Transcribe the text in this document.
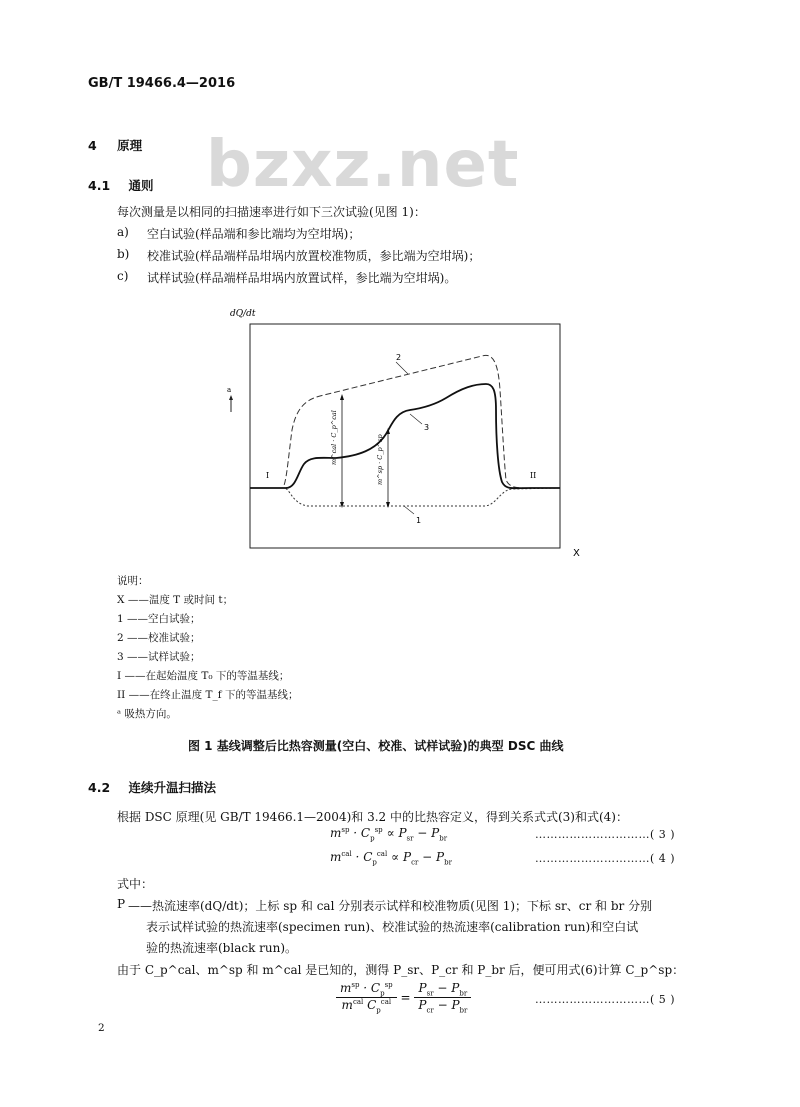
GB/T 19466.4—2016
bzxz.net
4 原理
4.1 通则
每次测量是以相同的扫描速率进行如下三次试验(见图 1)：
a) 空白试验(样品端和参比端均为空坩埚)；
b) 校准试验(样品端样品坩埚内放置校准物质，参比端为空坩埚)；
c) 试样试验(样品端样品坩埚内放置试样，参比端为空坩埚)。
dQ/dt
X
a
m^cal · C_p^cal	m^sp · C_p^sp
2
3
1
I	II
说明：
X ——温度 T 或时间 t；
1 ——空白试验；
2 ——校准试验；
3 ——试样试验；
I ——在起始温度 T₀ 下的等温基线；
II ——在终止温度 T_f 下的等温基线；
ᵃ 吸热方向。
图 1 基线调整后比热容测量(空白、校准、试样试验)的典型 DSC 曲线
4.2 连续升温扫描法
根据 DSC 原理(见 GB/T 19466.1—2004)和 3.2 中的比热容定义，得到关系式式(3)和式(4)：
$m^{sp} \cdot C_p^{sp} \propto P_{sr} - P_{br}$	…………………………( 3 )
$m^{cal} \cdot C_p^{cal} \propto P_{cr} - P_{br}$	…………………………( 4 )
式中：
P ——热流速率(dQ/dt)；上标 sp 和 cal 分别表示试样和校准物质(见图 1)；下标 sr、cr 和 br 分别
表示试样试验的热流速率(specimen run)、校准试验的热流速率(calibration run)和空白试
验的热流速率(black run)。
由于 C_p^cal、m^sp 和 m^cal 是已知的，测得 P_sr、P_cr 和 P_br 后，便可用式(6)计算 C_p^sp：
$\frac{m^{sp} \cdot C_p^{sp}}{m^{cal} C_p^{cal}} = \frac{P_{sr} - P_{br}}{P_{cr} - P_{br}}$	…………………………( 5 )
2
